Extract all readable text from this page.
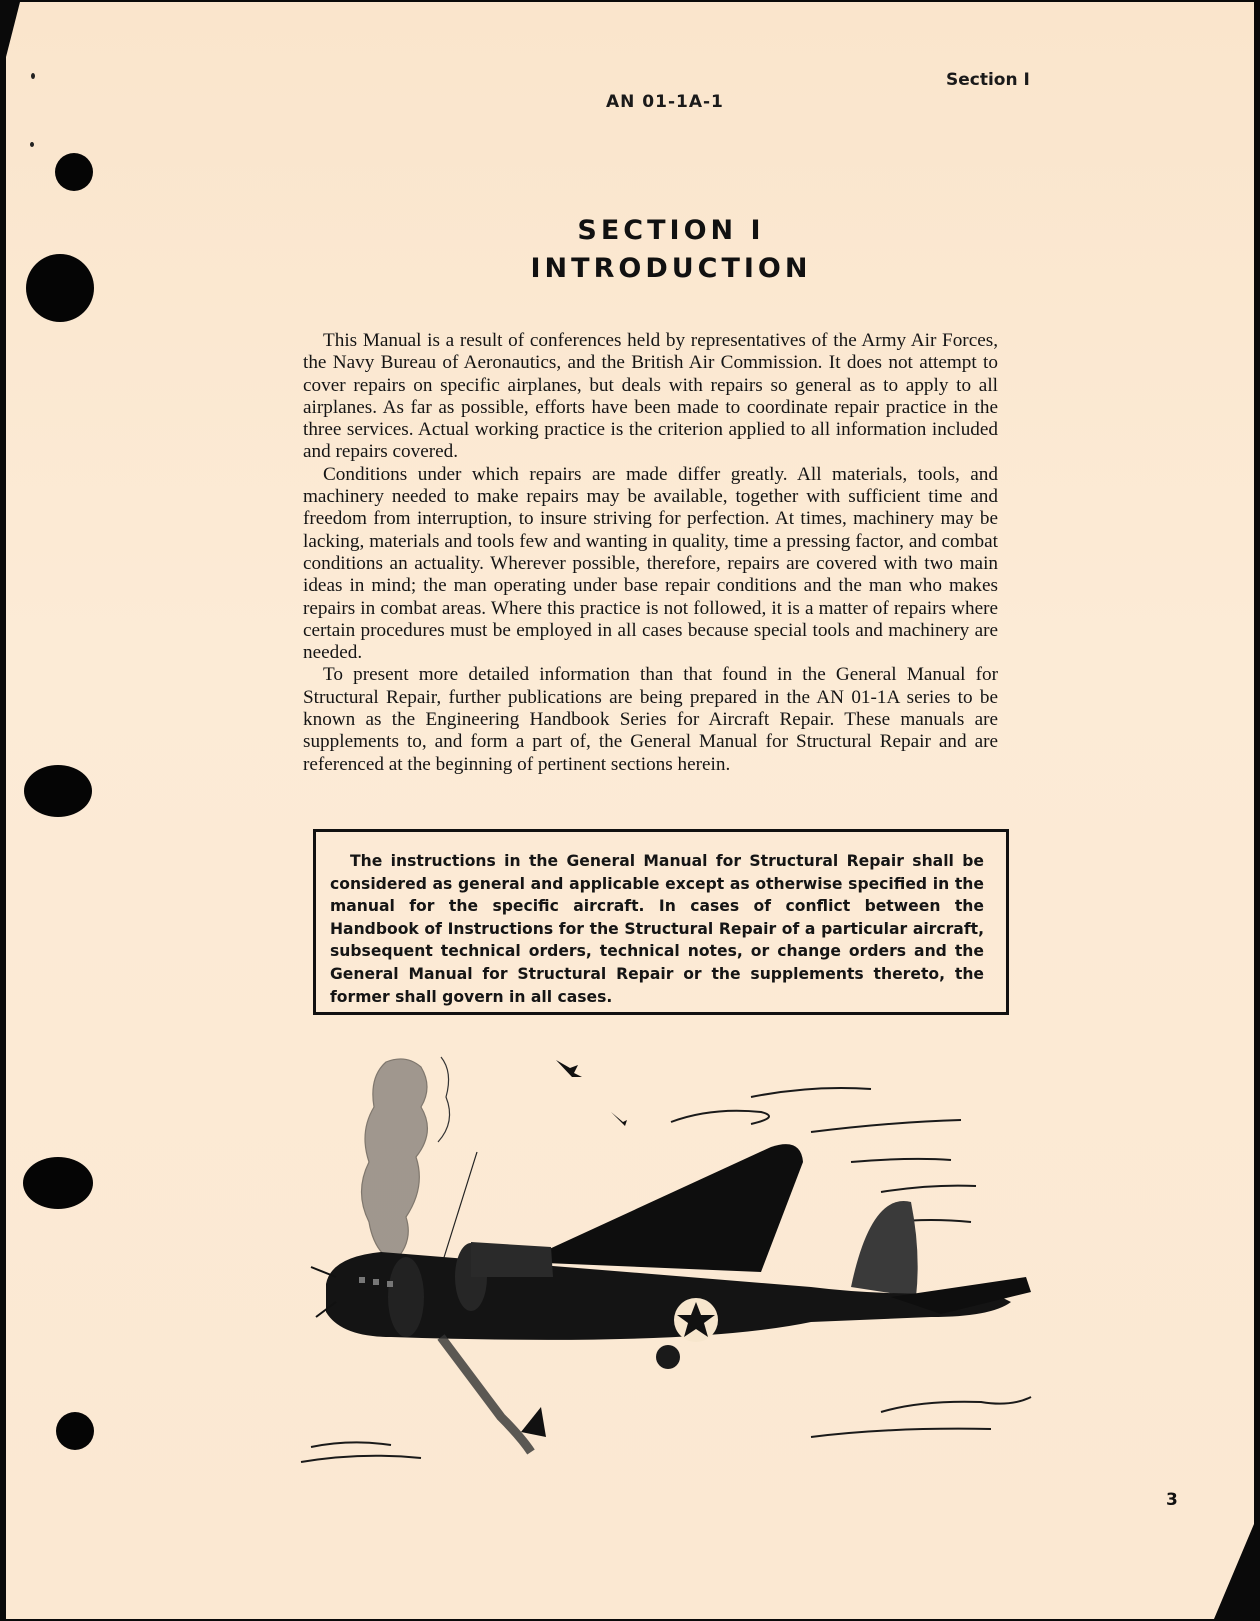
Section I
AN 01-1A-1
SECTION I
INTRODUCTION

This Manual is a result of conferences held by representatives of the Army Air Forces, the Navy Bureau of Aeronautics, and the British Air Commission. It does not attempt to cover repairs on specific airplanes, but deals with repairs so general as to apply to all airplanes. As far as possible, efforts have been made to coordinate repair practice in the three services. Actual working practice is the criterion applied to all information included and repairs covered.

Conditions under which repairs are made differ greatly. All materials, tools, and machinery needed to make repairs may be available, together with sufficient time and freedom from interruption, to insure striving for perfection. At times, machinery may be lacking, materials and tools few and wanting in quality, time a pressing factor, and combat conditions an actuality. Wherever possible, therefore, repairs are covered with two main ideas in mind; the man operating under base repair conditions and the man who makes repairs in combat areas. Where this practice is not followed, it is a matter of repairs where certain procedures must be employed in all cases because special tools and machinery are needed.

To present more detailed information than that found in the General Manual for Structural Repair, further publications are being prepared in the AN 01-1A series to be known as the Engineering Handbook Series for Aircraft Repair. These manuals are supplements to, and form a part of, the General Manual for Structural Repair and are referenced at the beginning of pertinent sections herein.

The instructions in the General Manual for Structural Repair shall be considered as general and applicable except as otherwise specified in the manual for the specific aircraft. In cases of conflict between the Handbook of Instructions for the Structural Repair of a particular aircraft, subsequent technical orders, technical notes, or change orders and the General Manual for Structural Repair or the supplements thereto, the former shall govern in all cases.

3
